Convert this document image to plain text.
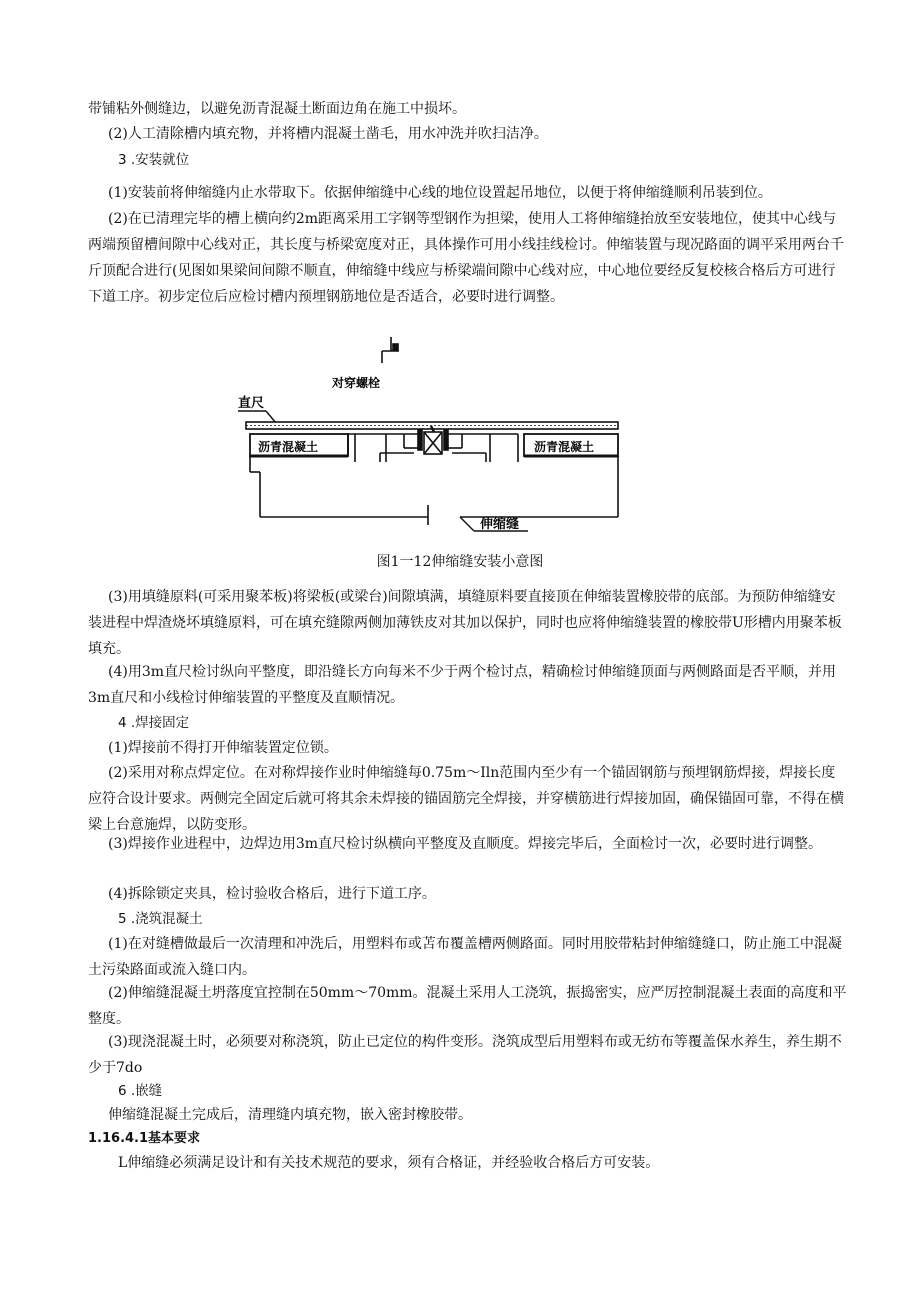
带铺粘外侧缝边，以避免沥青混凝土断面边角在施工中损坏。

(2)人工清除槽内填充物，并将槽内混凝土凿毛，用水冲洗并吹扫洁净。

3 .安装就位

(1)安装前将伸缩缝内止水带取下。依据伸缩缝中心线的地位设置起吊地位，以便于将伸缩缝顺利吊装到位。

(2)在已清理完毕的槽上横向约2m距离采用工字钢等型钢作为担梁，使用人工将伸缩缝抬放至安装地位，使其中心线与两端预留槽间隙中心线对正，其长度与桥梁宽度对正，具体操作可用小线挂线检讨。伸缩装置与现况路面的调平采用两台千斤顶配合进行(见图如果梁间间隙不顺直，伸缩缝中线应与桥梁端间隙中心线对应，中心地位要经反复校核合格后方可进行下道工序。初步定位后应检讨槽内预埋钢筋地位是否适合，必要时进行调整。

对穿螺栓
直尺
沥青混凝土	沥青混凝土
伸缩缝

图1一12伸缩缝安装小意图

(3)用填缝原料(可采用聚苯板)将梁板(或梁台)间隙填满，填缝原料要直接顶在伸缩装置橡胶带的底部。为预防伸缩缝安装进程中焊渣烧坏填缝原料，可在填充缝隙两侧加薄铁皮对其加以保护，同时也应将伸缩缝装置的橡胶带U形槽内用聚苯板填充。

(4)用3m直尺检讨纵向平整度，即沿缝长方向每米不少于两个检讨点，精确检讨伸缩缝顶面与两侧路面是否平顺，并用3m直尺和小线检讨伸缩装置的平整度及直顺情况。

4 .焊接固定

(1)焊接前不得打开伸缩装置定位锁。

(2)采用对称点焊定位。在对称焊接作业时伸缩缝每0.75m～Iln范围内至少有一个锚固钢筋与预埋钢筋焊接，焊接长度应符合设计要求。两侧完全固定后就可将其余未焊接的锚固筋完全焊接，并穿横筋进行焊接加固，确保锚固可靠，不得在横梁上台意施焊，以防变形。

(3)焊接作业进程中，边焊边用3m直尺检讨纵横向平整度及直顺度。焊接完毕后，全面检讨一次，必要时进行调整。

(4)拆除锁定夹具，检讨验收合格后，进行下道工序。

5 .浇筑混凝土

(1)在对缝槽做最后一次清理和冲洗后，用塑料布或苫布覆盖槽两侧路面。同时用胶带粘封伸缩缝缝口，防止施工中混凝土污染路面或流入缝口内。

(2)伸缩缝混凝土坍落度宜控制在50mm～70mm。混凝土采用人工浇筑，振捣密实，应严厉控制混凝土表面的高度和平整度。

(3)现浇混凝土时，必须要对称浇筑，防止已定位的构件变形。浇筑成型后用塑料布或无纺布等覆盖保水养生，养生期不少于7do

6 .嵌缝

伸缩缝混凝土完成后，清理缝内填充物，嵌入密封橡胶带。

1.16.4.1基本要求

L伸缩缝必须满足设计和有关技术规范的要求，须有合格证，并经验收合格后方可安装。
